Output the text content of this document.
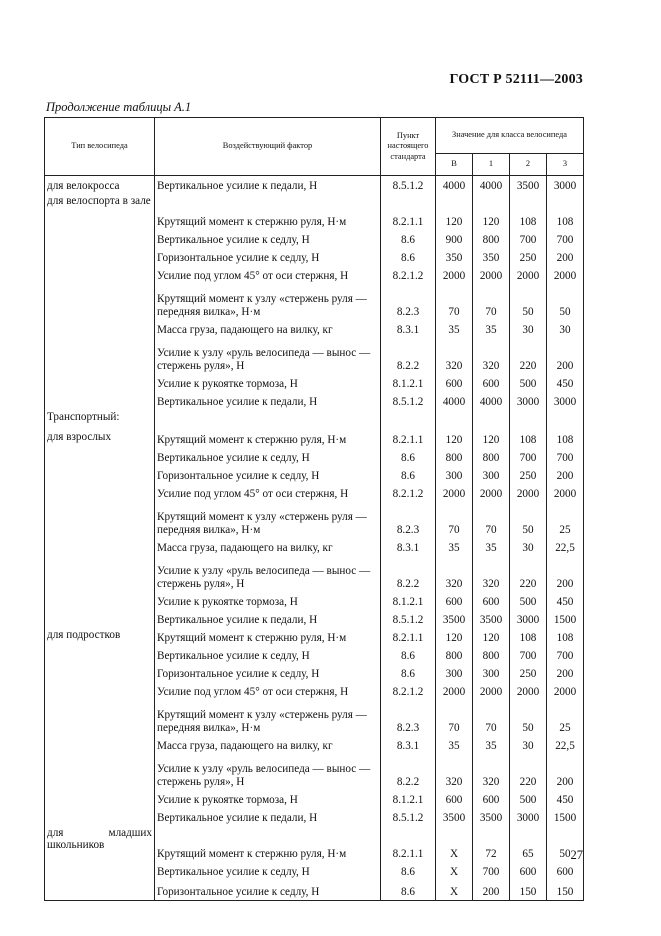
ГОСТ Р 52111—2003
Продолжение таблицы А.1
Тип велосипеда	Воздействующий фактор	Пункт настоящего стандарта	Значение для класса велосипеда			
			В	1	2	3
для велокросса	Вертикальное усилие к педали, Н	8.5.1.2	4000	4000	3500	3000
для велоспорта в зале	Крутящий момент к стержню руля, Н·м	8.2.1.1	120	120	108	108
	Вертикальное усилие к седлу, Н	8.6	900	800	700	700
	Горизонтальное усилие к седлу, Н	8.6	350	350	250	200
	Усилие под углом 45° от оси стержня, Н	8.2.1.2	2000	2000	2000	2000
	Крутящий момент к узлу «стержень руля — передняя вилка», Н·м	8.2.3	70	70	50	50
	Масса груза, падающего на вилку, кг	8.3.1	35	35	30	30
	Усилие к узлу «руль велосипеда — вынос — стержень руля», Н	8.2.2	320	320	220	200
	Усилие к рукоятке тормоза, Н	8.1.2.1	600	600	500	450
	Вертикальное усилие к педали, Н	8.5.1.2	4000	4000	3000	3000
Транспортный:						
для взрослых	Крутящий момент к стержню руля, Н·м	8.2.1.1	120	120	108	108
	Вертикальное усилие к седлу, Н	8.6	800	800	700	700
	Горизонтальное усилие к седлу, Н	8.6	300	300	250	200
	Усилие под углом 45° от оси стержня, Н	8.2.1.2	2000	2000	2000	2000
	Крутящий момент к узлу «стержень руля — передняя вилка», Н·м	8.2.3	70	70	50	25
	Масса груза, падающего на вилку, кг	8.3.1	35	35	30	22,5
	Усилие к узлу «руль велосипеда — вынос — стержень руля», Н	8.2.2	320	320	220	200
	Усилие к рукоятке тормоза, Н	8.1.2.1	600	600	500	450
	Вертикальное усилие к педали, Н	8.5.1.2	3500	3500	3000	1500
для подростков	Крутящий момент к стержню руля, Н·м	8.2.1.1	120	120	108	108
	Вертикальное усилие к седлу, Н	8.6	800	800	700	700
	Горизонтальное усилие к седлу, Н	8.6	300	300	250	200
	Усилие под углом 45° от оси стержня, Н	8.2.1.2	2000	2000	2000	2000
	Крутящий момент к узлу «стержень руля — передняя вилка», Н·м	8.2.3	70	70	50	25
	Масса груза, падающего на вилку, кг	8.3.1	35	35	30	22,5
	Усилие к узлу «руль велосипеда — вынос — стержень руля», Н	8.2.2	320	320	220	200
	Усилие к рукоятке тормоза, Н	8.1.2.1	600	600	500	450
	Вертикальное усилие к педали, Н	8.5.1.2	3500	3500	3000	1500
для младших школьников	Крутящий момент к стержню руля, Н·м	8.2.1.1	X	72	65	50
	Вертикальное усилие к седлу, Н	8.6	X	700	600	600
	Горизонтальное усилие к седлу, Н	8.6	X	200	150	150
27
